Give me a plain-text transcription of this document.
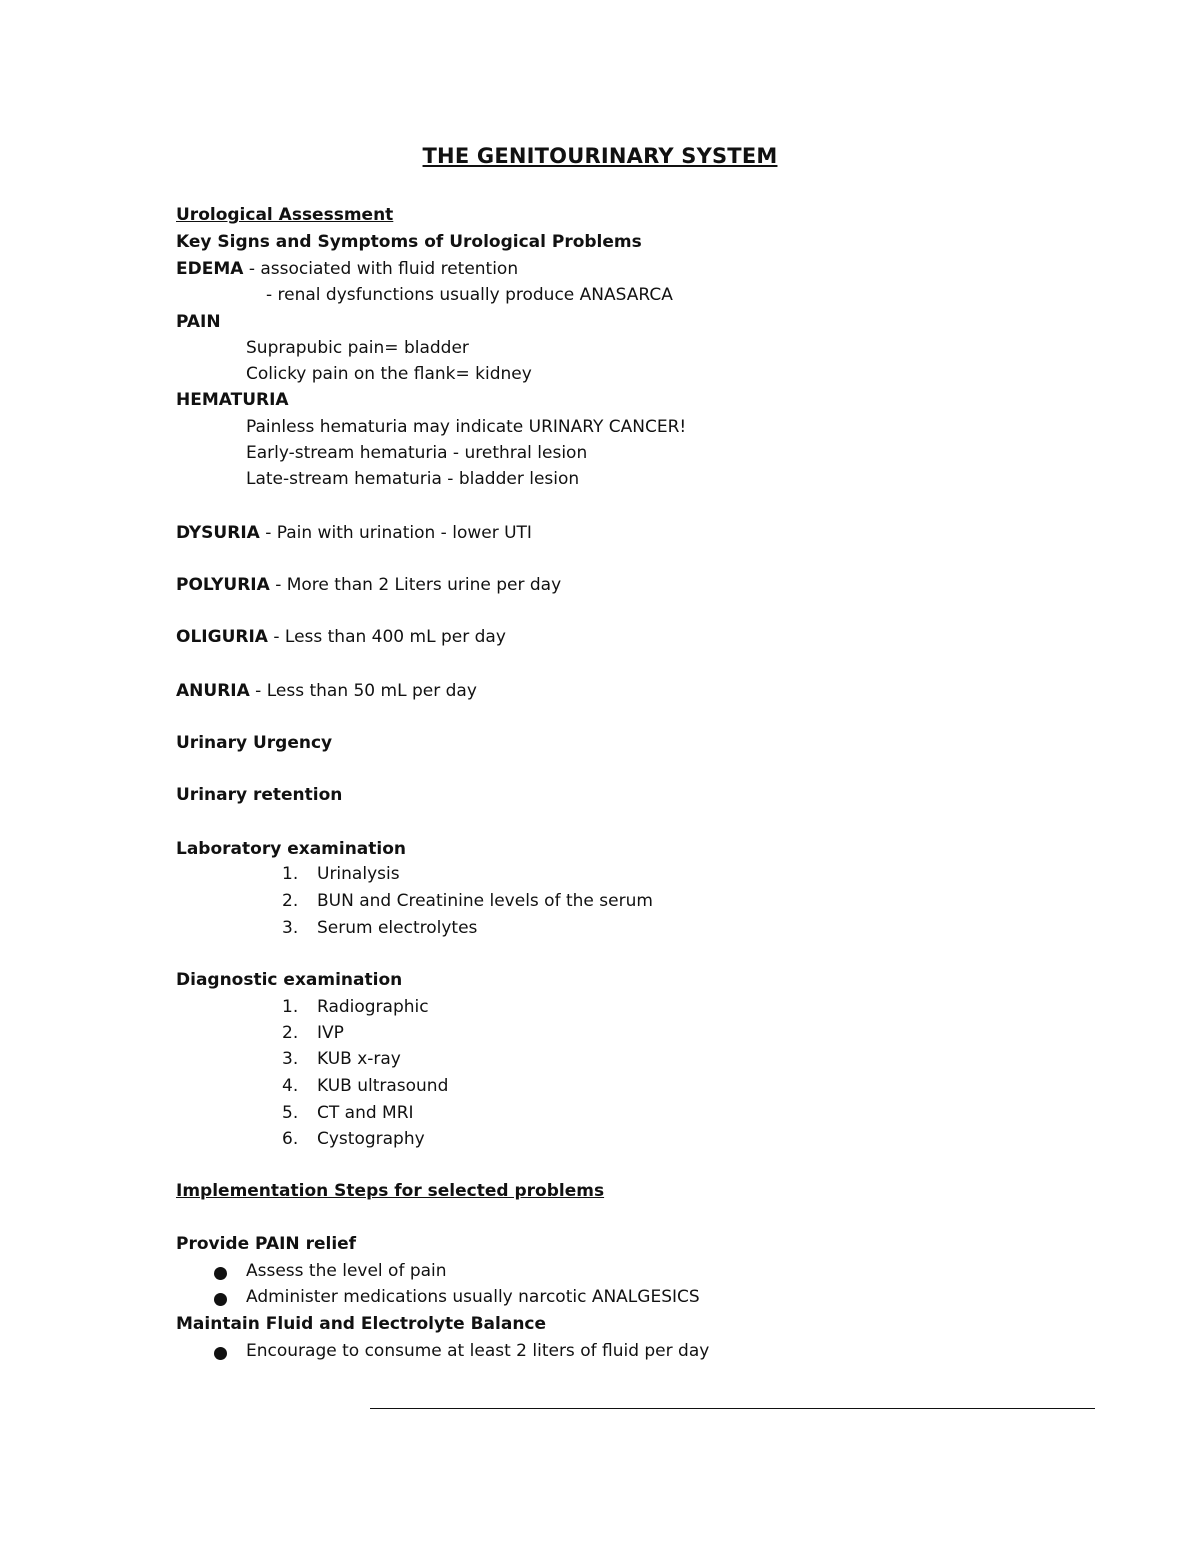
THE GENITOURINARY SYSTEM
Urological Assessment
Key Signs and Symptoms of Urological Problems
EDEMA - associated with fluid retention
- renal dysfunctions usually produce ANASARCA
PAIN
Suprapubic pain= bladder
Colicky pain on the flank= kidney
HEMATURIA
Painless hematuria may indicate URINARY CANCER!
Early-stream hematuria - urethral lesion
Late-stream hematuria - bladder lesion
DYSURIA - Pain with urination - lower UTI
POLYURIA - More than 2 Liters urine per day
OLIGURIA - Less than 400 mL per day
ANURIA - Less than 50 mL per day
Urinary Urgency
Urinary retention
Laboratory examination
1.	Urinalysis
2.	BUN and Creatinine levels of the serum
3.	Serum electrolytes
Diagnostic examination
1.	Radiographic
2.	IVP
3.	KUB x-ray
4.	KUB ultrasound
5.	CT and MRI
6.	Cystography
Implementation Steps for selected problems
Provide PAIN relief
Assess the level of pain
Administer medications usually narcotic ANALGESICS
Maintain Fluid and Electrolyte Balance
Encourage to consume at least 2 liters of fluid per day
